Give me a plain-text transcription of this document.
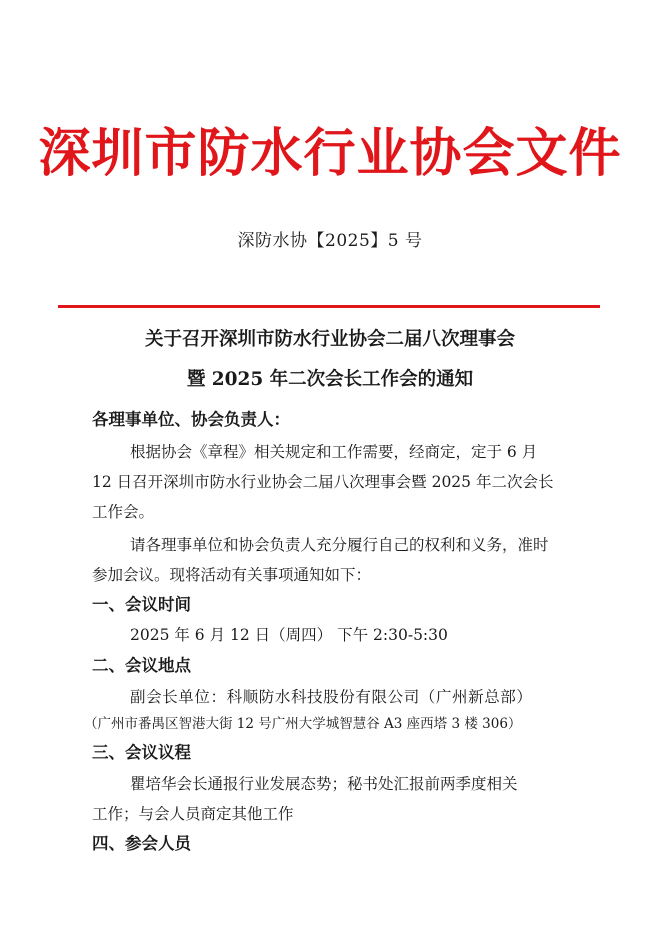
深圳市防水行业协会文件
深防水协【2025】5 号
关于召开深圳市防水行业协会二届八次理事会
暨 2025 年二次会长工作会的通知
各理事单位、协会负责人：
根据协会《章程》相关规定和工作需要，经商定，定于 6 月
12 日召开深圳市防水行业协会二届八次理事会暨 2025 年二次会长
工作会。
请各理事单位和协会负责人充分履行自己的权利和义务，准时
参加会议。现将活动有关事项通知如下：
一、会议时间
2025 年 6 月 12 日（周四） 下午 2:30-5:30
二、会议地点
副会长单位：科顺防水科技股份有限公司（广州新总部）
（广州市番禺区智港大街 12 号广州大学城智慧谷 A3 座西塔 3 楼 306）
三、会议议程
瞿培华会长通报行业发展态势；秘书处汇报前两季度相关
工作；与会人员商定其他工作
四、参会人员
